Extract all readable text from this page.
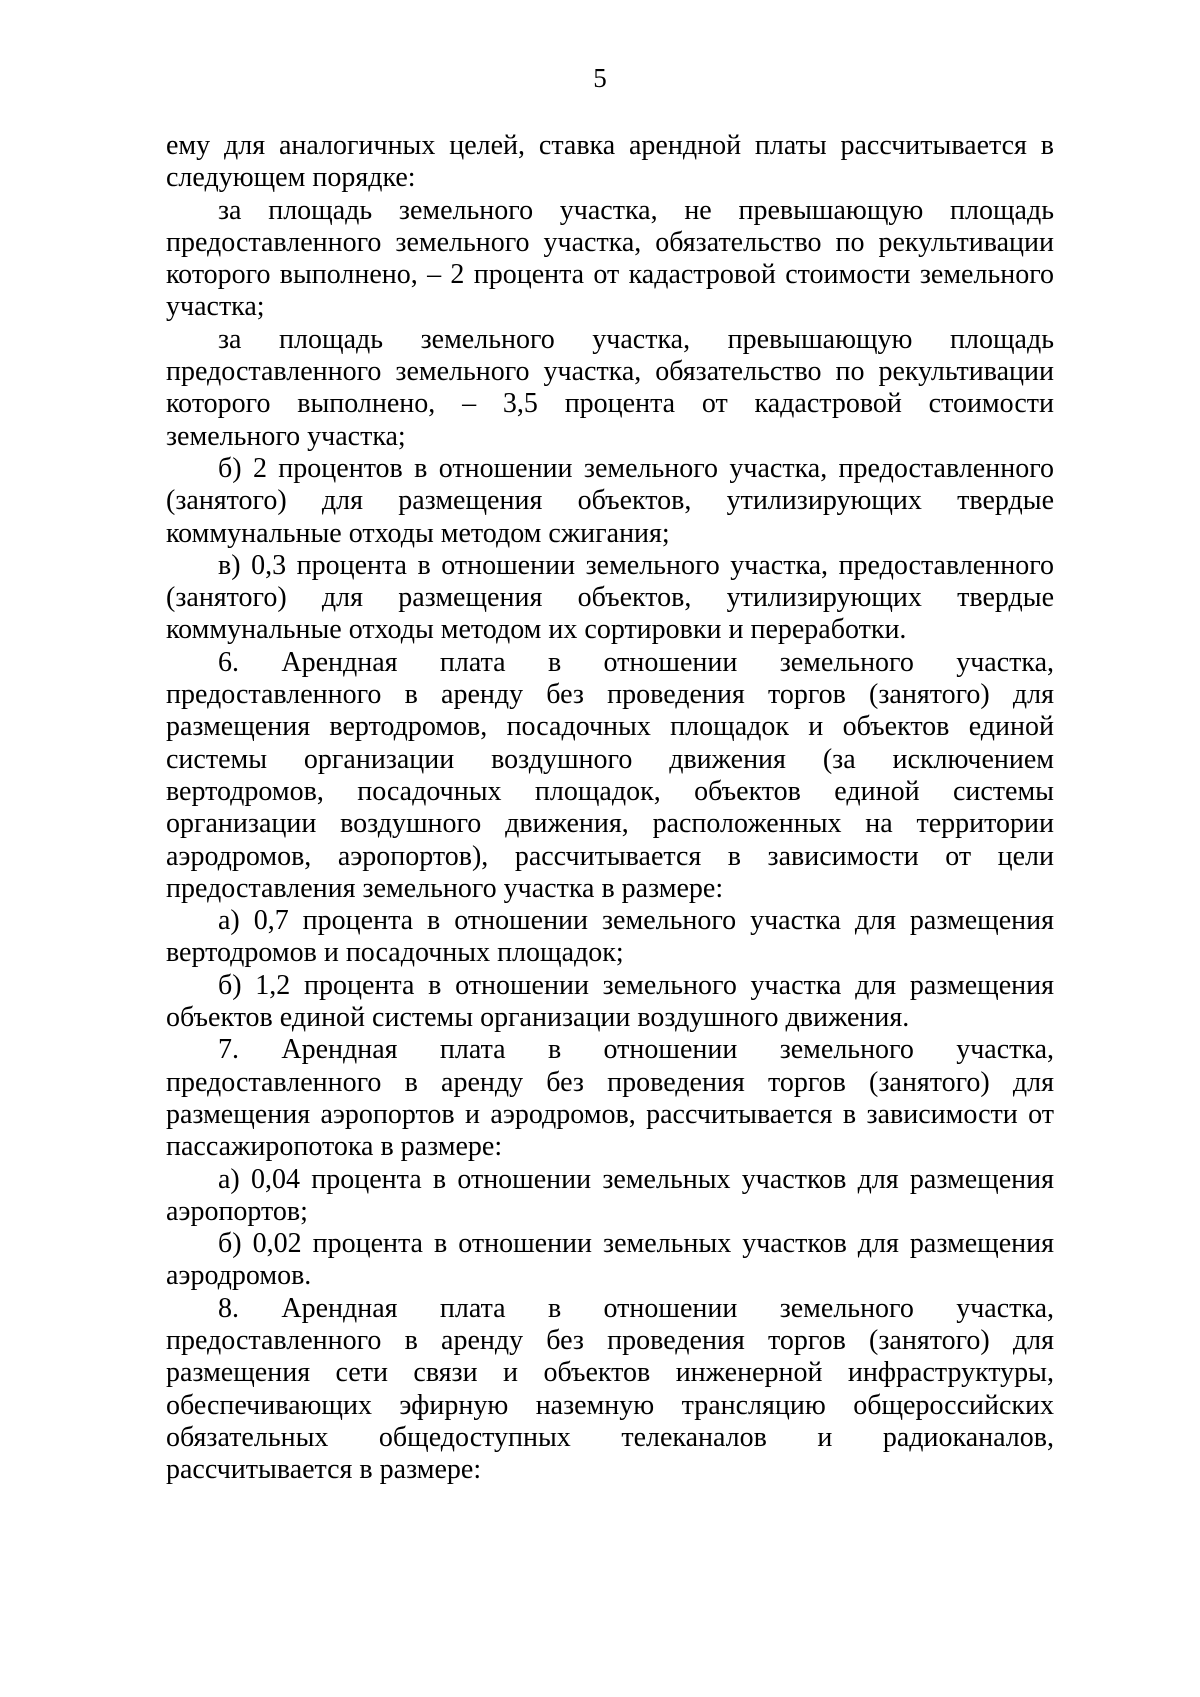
5

ему для аналогичных целей, ставка арендной платы рассчитывается в следующем порядке:

за площадь земельного участка, не превышающую площадь предоставленного земельного участка, обязательство по рекультивации которого выполнено, – 2 процента от кадастровой стоимости земельного участка;

за площадь земельного участка, превышающую площадь предоставленного земельного участка, обязательство по рекультивации которого выполнено, – 3,5 процента от кадастровой стоимости земельного участка;

б) 2 процентов в отношении земельного участка, предоставленного (занятого) для размещения объектов, утилизирующих твердые коммунальные отходы методом сжигания;

в) 0,3 процента в отношении земельного участка, предоставленного (занятого) для размещения объектов, утилизирующих твердые коммунальные отходы методом их сортировки и переработки.

6. Арендная плата в отношении земельного участка, предоставленного в аренду без проведения торгов (занятого) для размещения вертодромов, посадочных площадок и объектов единой системы организации воздушного движения (за исключением вертодромов, посадочных площадок, объектов единой системы организации воздушного движения, расположенных на территории аэродромов, аэропортов), рассчитывается в зависимости от цели предоставления земельного участка в размере:

а) 0,7 процента в отношении земельного участка для размещения вертодромов и посадочных площадок;

б) 1,2 процента в отношении земельного участка для размещения объектов единой системы организации воздушного движения.

7. Арендная плата в отношении земельного участка, предоставленного в аренду без проведения торгов (занятого) для размещения аэропортов и аэродромов, рассчитывается в зависимости от пассажиропотока в размере:

а) 0,04 процента в отношении земельных участков для размещения аэропортов;

б) 0,02 процента в отношении земельных участков для размещения аэродромов.

8. Арендная плата в отношении земельного участка, предоставленного в аренду без проведения торгов (занятого) для размещения сети связи и объектов инженерной инфраструктуры, обеспечивающих эфирную наземную трансляцию общероссийских обязательных общедоступных телеканалов и радиоканалов, рассчитывается в размере:
